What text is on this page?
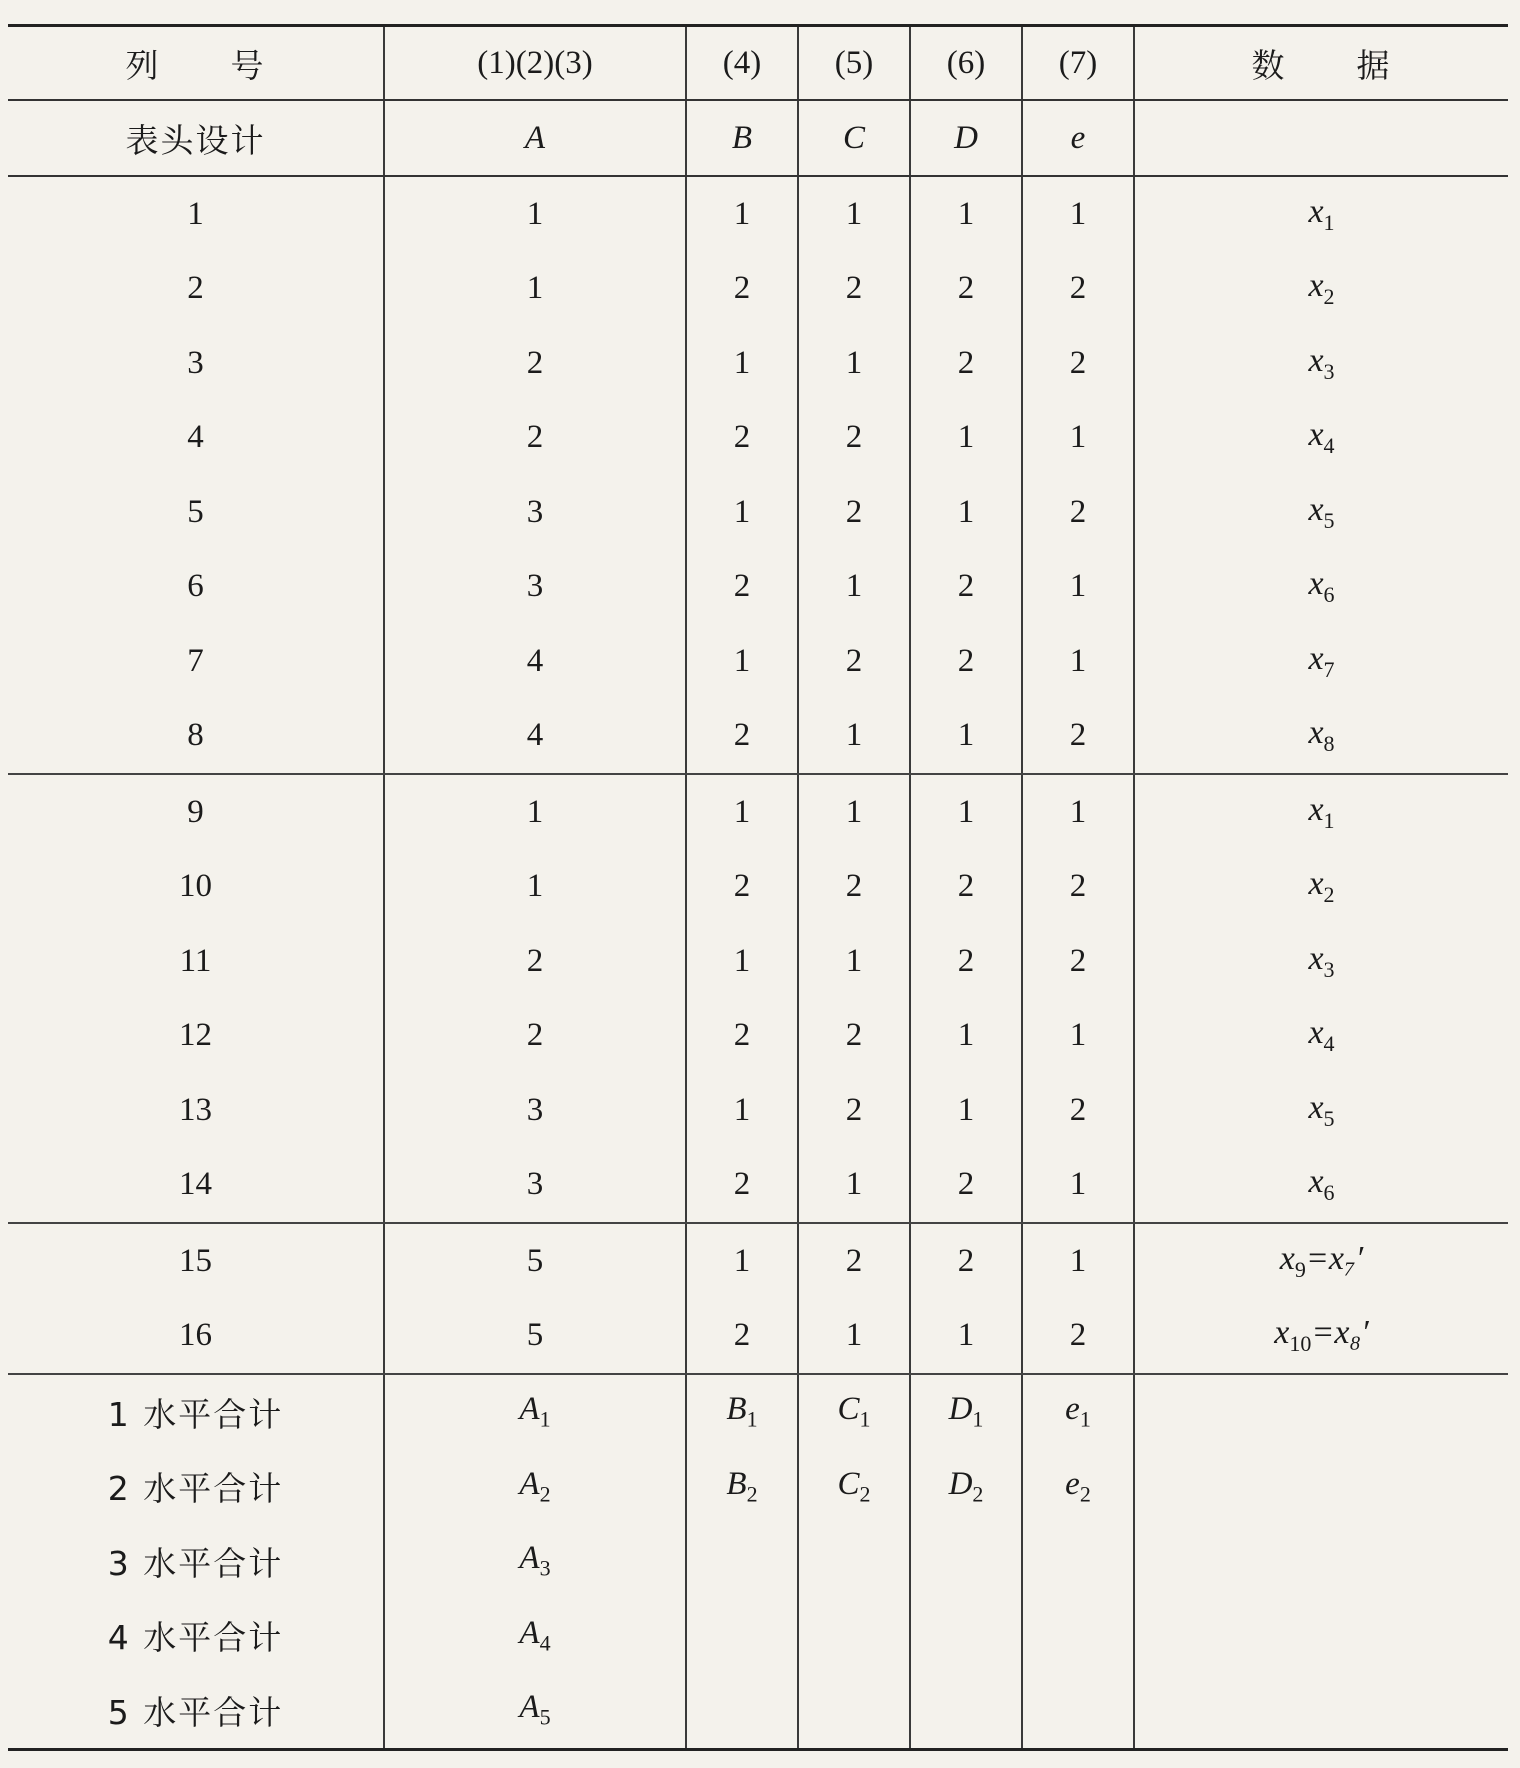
列　　号	(1)(2)(3)	(4)	(5)	(6)	(7)	数　　据
表头设计	A	B	C	D	e	
1	1	1	1	1	1	$x_1$
2	1	2	2	2	2	$x_2$
3	2	1	1	2	2	$x_3$
4	2	2	2	1	1	$x_4$
5	3	1	2	1	2	$x_5$
6	3	2	1	2	1	$x_6$
7	4	1	2	2	1	$x_7$
8	4	2	1	1	2	$x_8$
9	1	1	1	1	1	$x_1$
10	1	2	2	2	2	$x_2$
11	2	1	1	2	2	$x_3$
12	2	2	2	1	1	$x_4$
13	3	1	2	1	2	$x_5$
14	3	2	1	2	1	$x_6$
15	5	1	2	2	1	$x_9=x_7'$
16	5	2	1	1	2	$x_{10}=x_8'$
1 水平合计	$A_1$	$B_1$	$C_1$	$D_1$	$e_1$	
2 水平合计	$A_2$	$B_2$	$C_2$	$D_2$	$e_2$	
3 水平合计	$A_3$					
4 水平合计	$A_4$					
5 水平合计	$A_5$					
